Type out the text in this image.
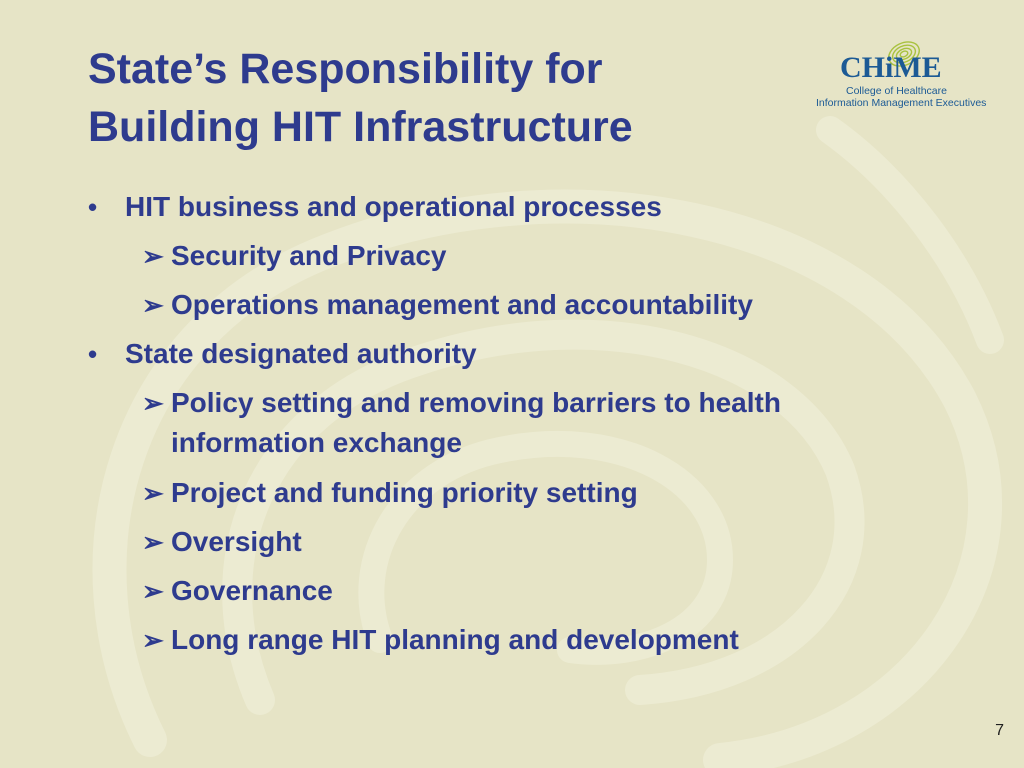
State’s Responsibility for
Building HIT Infrastructure
CHiME
College of Healthcare
Information Management Executives
• HIT business and operational processes
➢ Security and Privacy
➢ Operations management and accountability
• State designated authority
➢ Policy setting and removing barriers to health information exchange
➢ Project and funding priority setting
➢ Oversight
➢ Governance
➢ Long range HIT planning and development
7
